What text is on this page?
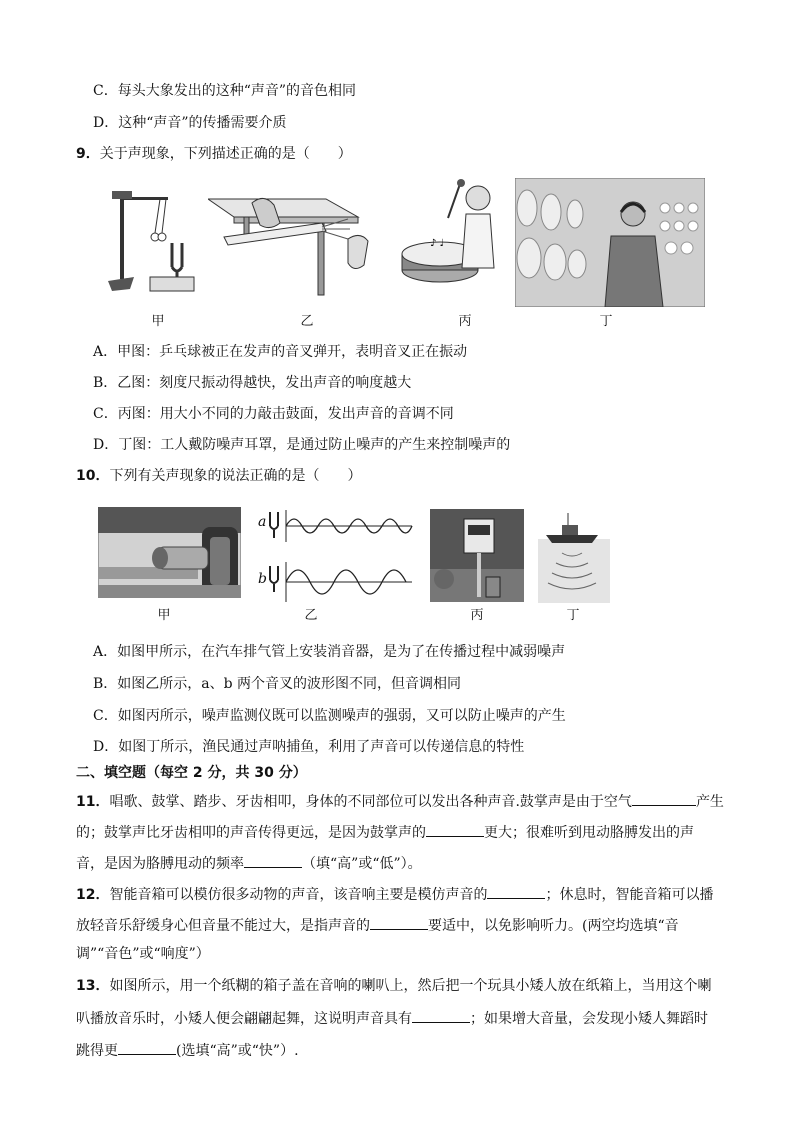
C．每头大象发出的这种“声音”的音色相同
D．这种“声音”的传播需要介质
9．关于声现象，下列描述正确的是（　　）
甲	乙
♪ ♩
丙	丁
A．甲图：乒乓球被正在发声的音叉弹开，表明音叉正在振动
B．乙图：刻度尺振动得越快，发出声音的响度越大
C．丙图：用大小不同的力敲击鼓面，发出声音的音调不同
D．丁图：工人戴防噪声耳罩，是通过防止噪声的产生来控制噪声的
10．下列有关声现象的说法正确的是（　　）
甲
a
b
乙	丙	丁
A．如图甲所示，在汽车排气管上安装消音器，是为了在传播过程中减弱噪声
B．如图乙所示，a、b 两个音叉的波形图不同，但音调相同
C．如图丙所示，噪声监测仪既可以监测噪声的强弱，又可以防止噪声的产生
D．如图丁所示，渔民通过声呐捕鱼，利用了声音可以传递信息的特性
二、填空题（每空 2 分，共 30 分）
11．唱歌、鼓掌、踏步、牙齿相叩，身体的不同部位可以发出各种声音.鼓掌声是由于空气	产生
的；鼓掌声比牙齿相叩的声音传得更远，是因为鼓掌声的	更大；很难听到甩动胳膊发出的声
音，是因为胳膊甩动的频率	（填“高”或“低”）。
12．智能音箱可以模仿很多动物的声音，该音响主要是模仿声音的	；休息时，智能音箱可以播
放轻音乐舒缓身心但音量不能过大，是指声音的	要适中，以免影响听力。(两空均选填“音
调”“音色”或“响度”）
13．如图所示，用一个纸糊的箱子盖在音响的喇叭上，然后把一个玩具小矮人放在纸箱上，当用这个喇
叭播放音乐时，小矮人便会翩翩起舞，这说明声音具有	；如果增大音量，会发现小矮人舞蹈时
跳得更	(选填“高”或“快”）.
